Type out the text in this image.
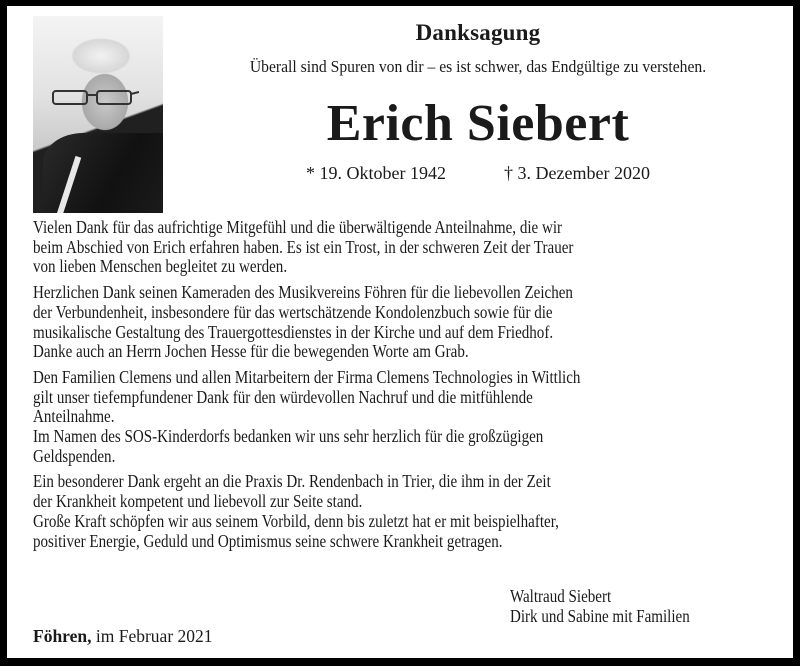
Danksagung
Überall sind Spuren von dir – es ist schwer, das Endgültige zu verstehen.
Erich Siebert
* 19. Oktober 1942	† 3. Dezember 2020

Vielen Dank für das aufrichtige Mitgefühl und die überwältigende Anteilnahme, die wir
beim Abschied von Erich erfahren haben. Es ist ein Trost, in der schweren Zeit der Trauer
von lieben Menschen begleitet zu werden.

Herzlichen Dank seinen Kameraden des Musikvereins Föhren für die liebevollen Zeichen
der Verbundenheit, insbesondere für das wertschätzende Kondolenzbuch sowie für die
musikalische Gestaltung des Trauergottesdienstes in der Kirche und auf dem Friedhof.
Danke auch an Herrn Jochen Hesse für die bewegenden Worte am Grab.

Den Familien Clemens und allen Mitarbeitern der Firma Clemens Technologies in Wittlich
gilt unser tiefempfundener Dank für den würdevollen Nachruf und die mitfühlende
Anteilnahme.
Im Namen des SOS-Kinderdorfs bedanken wir uns sehr herzlich für die großzügigen
Geldspenden.

Ein besonderer Dank ergeht an die Praxis Dr. Rendenbach in Trier, die ihm in der Zeit
der Krankheit kompetent und liebevoll zur Seite stand.
Große Kraft schöpfen wir aus seinem Vorbild, denn bis zuletzt hat er mit beispielhafter,
positiver Energie, Geduld und Optimismus seine schwere Krankheit getragen.

Waltraud Siebert
Dirk und Sabine mit Familien
Föhren, im Februar 2021
